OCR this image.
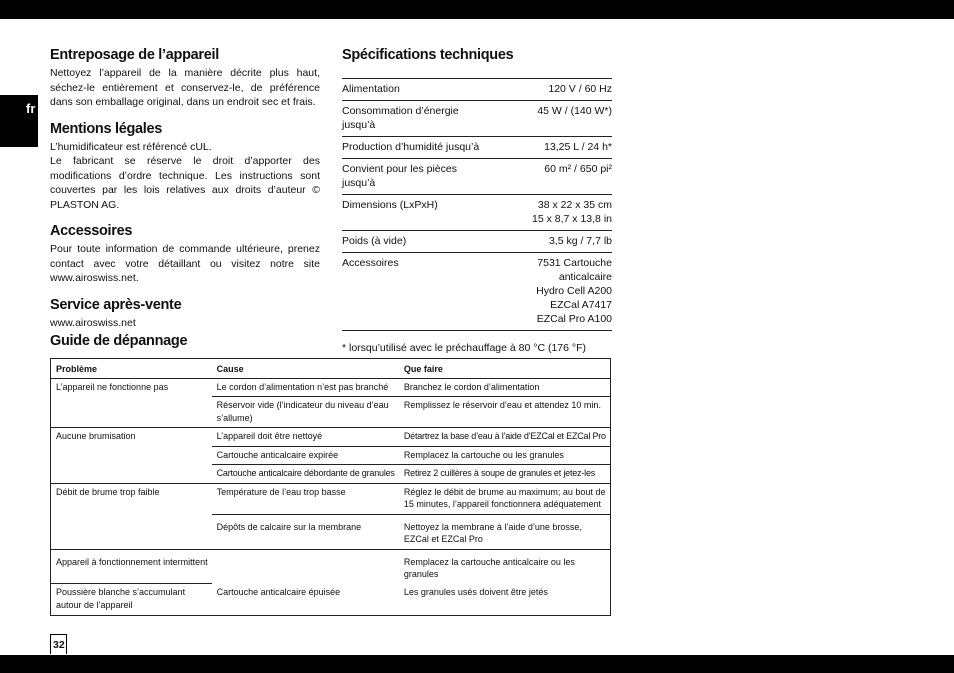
fr
Entreposage de l’appareil

Nettoyez l’appareil de la manière décrite plus haut, séchez-le entièrement et conservez-le, de préférence dans son emballage original, dans un endroit sec et frais.

Mentions légales

L’humidificateur est référencé cUL.

Le fabricant se réserve le droit d’apporter des modifications d’ordre technique. Les instructions sont couvertes par les lois relatives aux droits d’auteur © PLASTON AG.

Accessoires

Pour toute information de commande ultérieure, prenez contact avec votre détaillant ou visitez notre site www.airoswiss.net.

Service après-vente

www.airoswiss.net

Spécifications techniques
Alimentation	120 V / 60 Hz
Consommation d’énergie jusqu’à	45 W / (140 W*)
Production d’humidité jusqu’à	13,25 L / 24 h*
Convient pour les pièces jusqu’à	60 m² / 650 pi²
Dimensions (LxPxH)	38 x 22 x 35 cm
15 x 8,7 x 13,8 in

Poids (à vide)	3,5 kg / 7,7 lb
Accessoires	7531 Cartouche anticalcaire
Hydro Cell A200
EZCal A7417
EZCal Pro A100
* lorsqu’utilisé avec le préchauffage à 80 °C (176 °F)
Guide de dépannage
Problème	Cause	Que faire
L’appareil ne fonctionne pas	Le cordon d’alimentation n’est pas branché	Branchez le cordon d’alimentation
	Réservoir vide (l’indicateur du niveau d’eau s’allume)	Remplissez le réservoir d’eau et attendez 10 min.
Aucune brumisation	L’appareil doit être nettoyé	Détartrez la base d’eau à l’aide d’EZCal et EZCal Pro
	Cartouche anticalcaire expirée	Remplacez la cartouche ou les granules
	Cartouche anticalcaire débordante de granules	Retirez 2 cuillères à soupe de granules et jetez-les
Débit de brume trop faible	Température de l’eau trop basse	Réglez le débit de brume au maximum; au bout de 15 minutes, l’appareil fonctionnera adéquatement
	Dépôts de calcaire sur la membrane	Nettoyez la membrane à l’aide d’une brosse, EZCal et EZCal Pro
Appareil à fonctionnement intermittent		Remplacez la cartouche anticalcaire ou les granules
Poussière blanche s’accumulant autour de l’appareil	Cartouche anticalcaire épuisée	Les granules usés doivent être jetés
32
